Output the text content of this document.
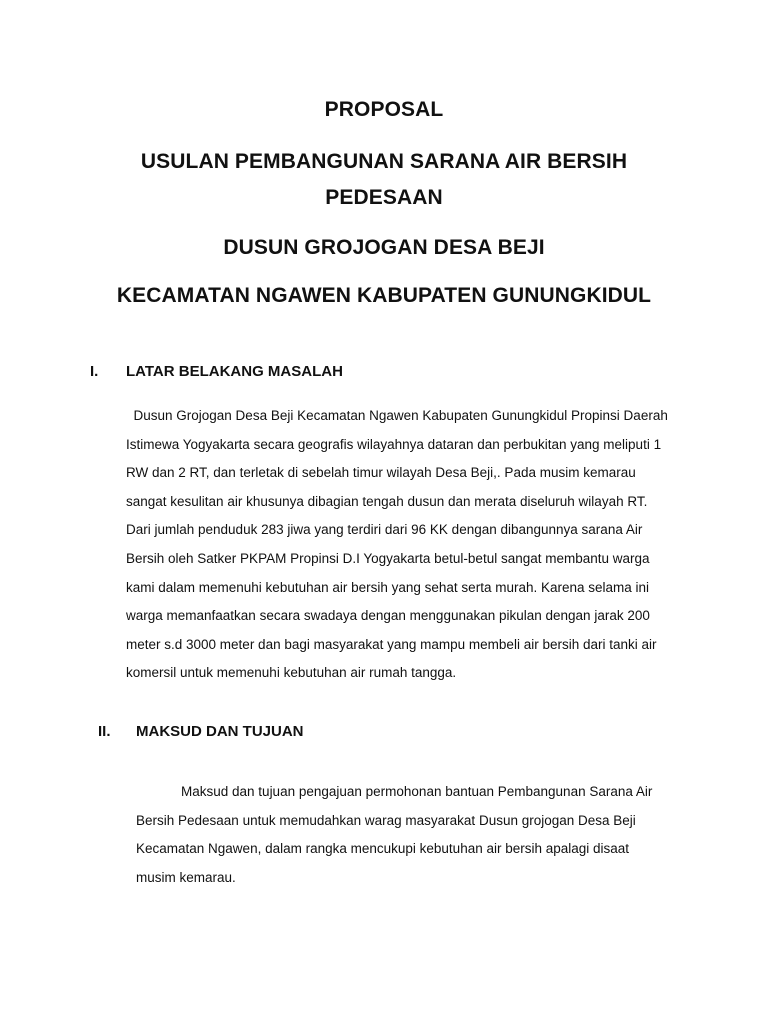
PROPOSAL
USULAN PEMBANGUNAN SARANA AIR BERSIH
PEDESAAN
DUSUN GROJOGAN DESA BEJI
KECAMATAN NGAWEN KABUPATEN GUNUNGKIDUL
I. LATAR BELAKANG MASALAH
Dusun Grojogan Desa Beji Kecamatan Ngawen Kabupaten Gunungkidul Propinsi Daerah
Istimewa Yogyakarta secara geografis wilayahnya dataran dan perbukitan yang meliputi 1
RW dan 2 RT, dan terletak di sebelah timur wilayah Desa Beji,. Pada musim kemarau
sangat kesulitan air khusunya dibagian tengah dusun dan merata diseluruh wilayah RT.
Dari jumlah penduduk 283 jiwa yang terdiri dari 96 KK dengan dibangunnya sarana Air
Bersih oleh Satker PKPAM Propinsi D.I Yogyakarta betul-betul sangat membantu warga
kami dalam memenuhi kebutuhan air bersih yang sehat serta murah. Karena selama ini
warga memanfaatkan secara swadaya dengan menggunakan pikulan dengan jarak 200
meter s.d 3000 meter dan bagi masyarakat yang mampu membeli air bersih dari tanki air
komersil untuk memenuhi kebutuhan air rumah tangga.
II. MAKSUD DAN TUJUAN
Maksud dan tujuan pengajuan permohonan bantuan Pembangunan Sarana Air
Bersih Pedesaan untuk memudahkan warag masyarakat Dusun grojogan Desa Beji
Kecamatan Ngawen, dalam rangka mencukupi kebutuhan air bersih apalagi disaat
musim kemarau.
